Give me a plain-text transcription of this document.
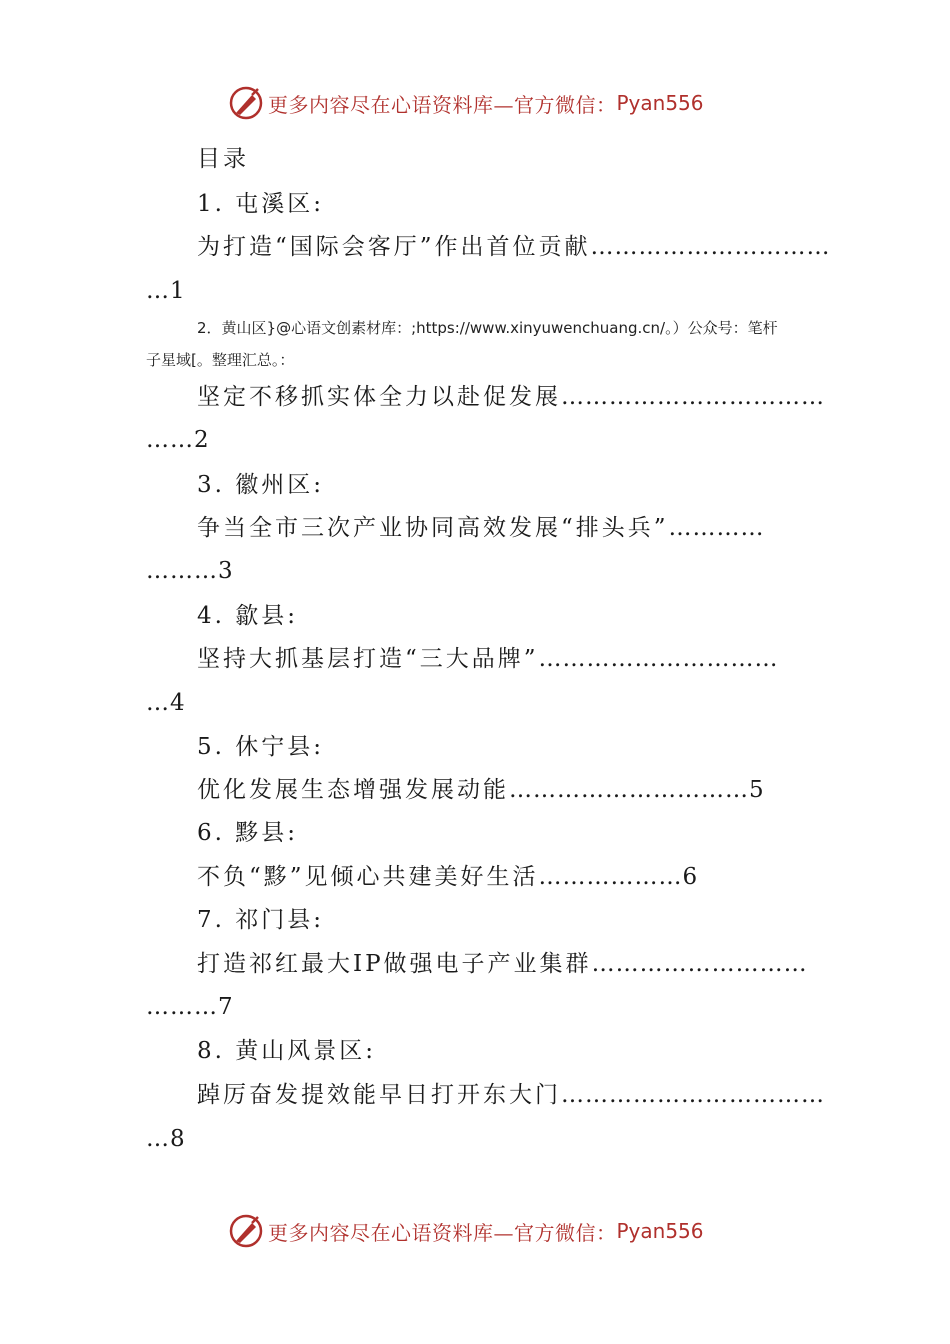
更多内容尽在心语资料库—官方微信： Pyan556
目录
1. 屯溪区:
为打造“国际会客厅”作出首位贡献…………………………
…1
2．黄山区}@心语文创素材库：;https://www.xinyuwenchuang.cn/。）公众号：笔杆
子星域[。整理汇总。：
坚定不移抓实体全力以赴促发展……………………………
……2
3. 徽州区:
争当全市三次产业协同高效发展“排头兵”…………
………3
4. 歙县:
坚持大抓基层打造“三大品牌”…………………………
…4
5. 休宁县:
优化发展生态增强发展动能…………………………5
6. 黟县:
不负“黟”见倾心共建美好生活………………6
7. 祁门县:
打造祁红最大IP做强电子产业集群………………………
………7
8. 黄山风景区:
踔厉奋发提效能早日打开东大门……………………………
…8
更多内容尽在心语资料库—官方微信： Pyan556
